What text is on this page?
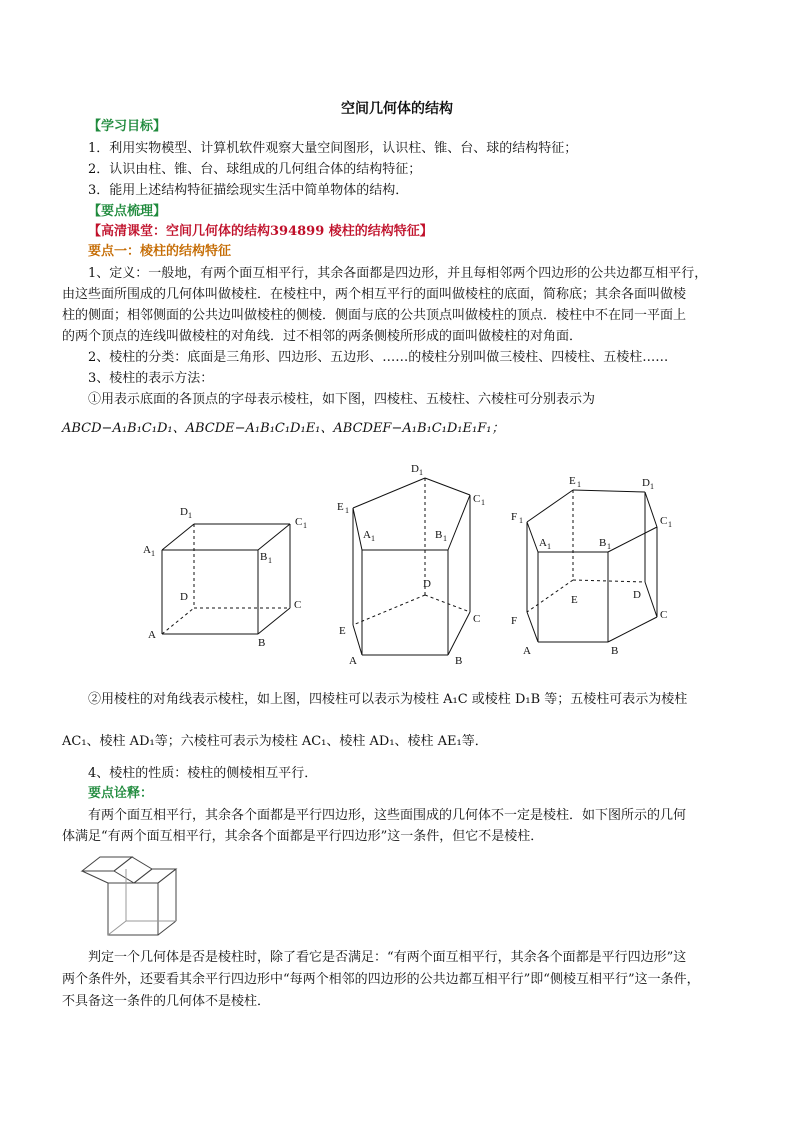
空间几何体的结构
【学习目标】
1．利用实物模型、计算机软件观察大量空间图形，认识柱、锥、台、球的结构特征；
2．认识由柱、锥、台、球组成的几何组合体的结构特征；
3．能用上述结构特征描绘现实生活中简单物体的结构．
【要点梳理】
【高清课堂：空间几何体的结构394899 棱柱的结构特征】
要点一：棱柱的结构特征
1、定义：一般地，有两个面互相平行，其余各面都是四边形，并且每相邻两个四边形的公共边都互相平行，
由这些面所围成的几何体叫做棱柱．在棱柱中，两个相互平行的面叫做棱柱的底面，简称底；其余各面叫做棱
柱的侧面；相邻侧面的公共边叫做棱柱的侧棱．侧面与底的公共顶点叫做棱柱的顶点．棱柱中不在同一平面上
的两个顶点的连线叫做棱柱的对角线．过不相邻的两条侧棱所形成的面叫做棱柱的对角面．
2、棱柱的分类：底面是三角形、四边形、五边形、……的棱柱分别叫做三棱柱、四棱柱、五棱柱……
3、棱柱的表示方法：
①用表示底面的各顶点的字母表示棱柱，如下图，四棱柱、五棱柱、六棱柱可分别表示为
ABCD−A₁B₁C₁D₁、ABCDE−A₁B₁C₁D₁E₁、ABCDEF−A₁B₁C₁D₁E₁F₁；
D 1
C 1
A 1	B 1
D
C
A
B
D 1
C 1
E 1
A 1	B 1
D
C
E
A	B
E 1	D 1
C 1
F 1
A 1	B 1
D
E
C
F
A	B
②用棱柱的对角线表示棱柱，如上图，四棱柱可以表示为棱柱 A₁C 或棱柱 D₁B 等；五棱柱可表示为棱柱
AC₁、棱柱 AD₁等；六棱柱可表示为棱柱 AC₁、棱柱 AD₁、棱柱 AE₁等．
4、棱柱的性质：棱柱的侧棱相互平行．
要点诠释：
有两个面互相平行，其余各个面都是平行四边形，这些面围成的几何体不一定是棱柱．如下图所示的几何
体满足“有两个面互相平行，其余各个面都是平行四边形”这一条件，但它不是棱柱．
判定一个几何体是否是棱柱时，除了看它是否满足：“有两个面互相平行，其余各个面都是平行四边形”这
两个条件外，还要看其余平行四边形中“每两个相邻的四边形的公共边都互相平行”即“侧棱互相平行”这一条件，
不具备这一条件的几何体不是棱柱．
